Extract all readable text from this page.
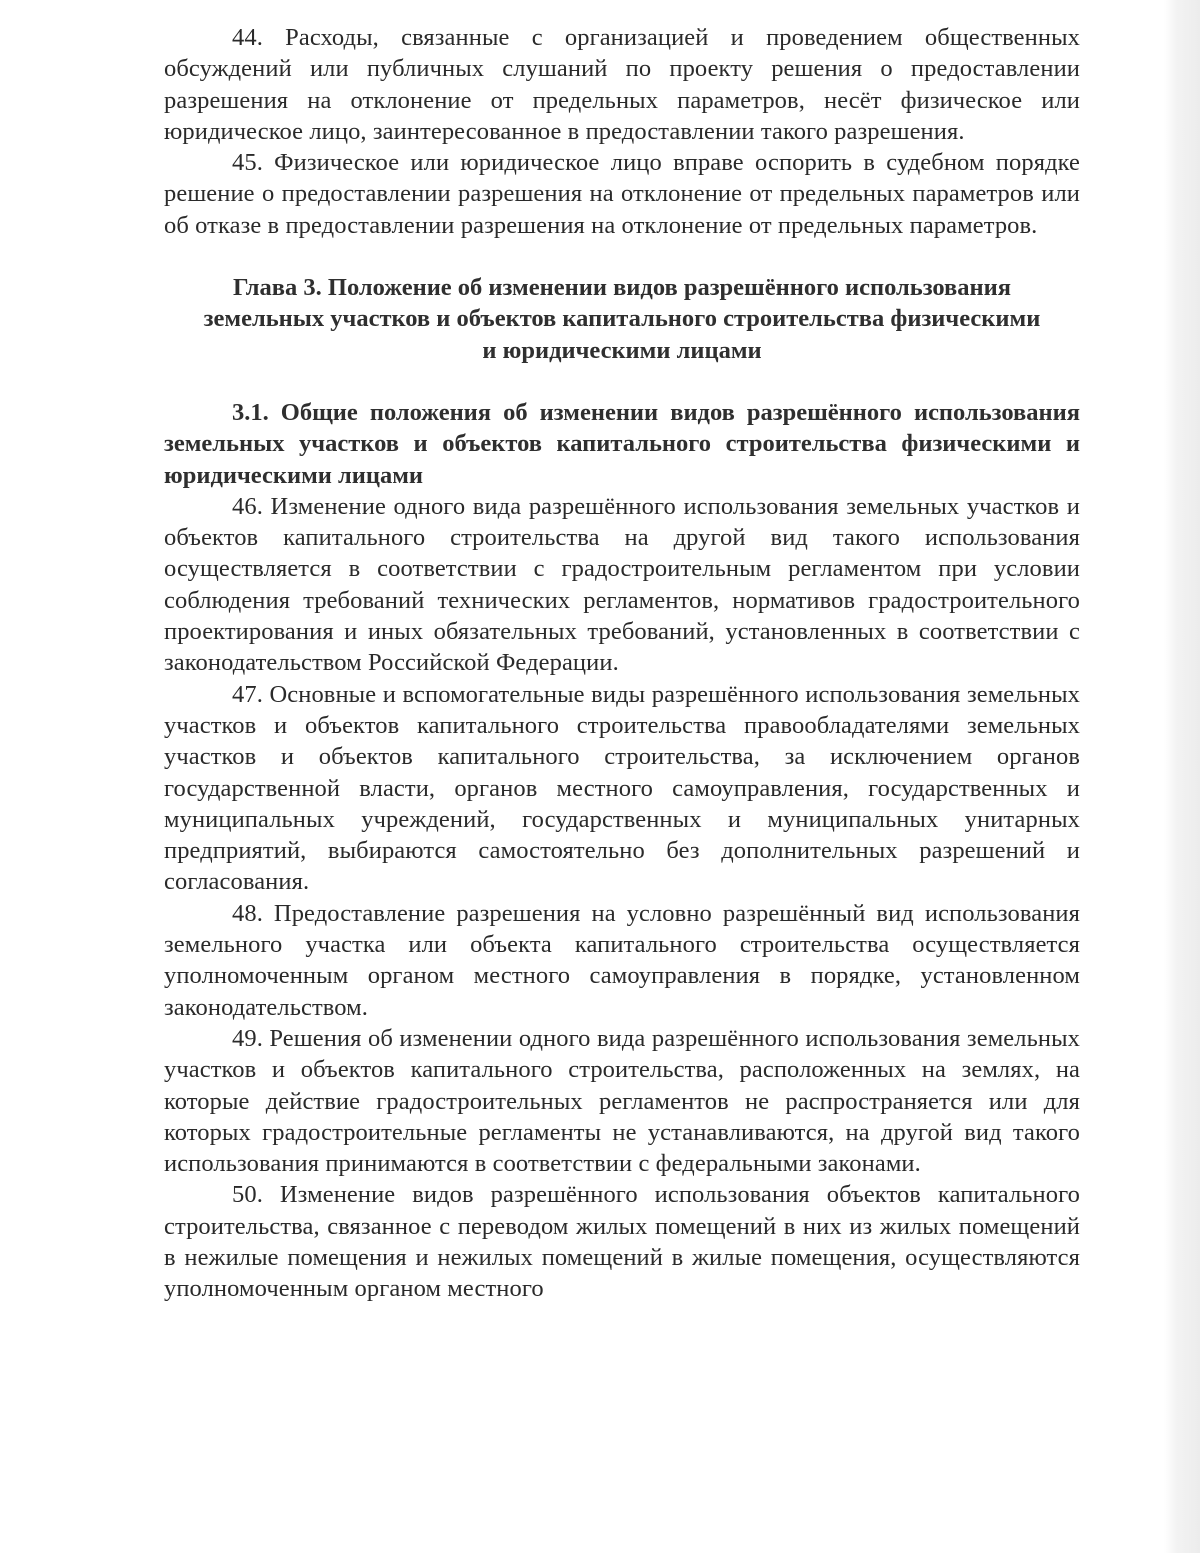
44. Расходы, связанные с организацией и проведением общественных обсуждений или публичных слушаний по проекту решения о предоставлении разрешения на отклонение от предельных параметров, несёт физическое или юридическое лицо, заинтересованное в предоставлении такого разрешения.

45. Физическое или юридическое лицо вправе оспорить в судебном порядке решение о предоставлении разрешения на отклонение от предельных параметров или об отказе в предоставлении разрешения на отклонение от предельных параметров.

Глава 3. Положение об изменении видов разрешённого использования земельных участков и объектов капитального строительства физическими и юридическими лицами
3.1. Общие положения об изменении видов разрешённого использования земельных участков и объектов капитального строительства физическими и юридическими лицами

46. Изменение одного вида разрешённого использования земельных участков и объектов капитального строительства на другой вид такого использования осуществляется в соответствии с градостроительным регламентом при условии соблюдения требований технических регламентов, нормативов градостроительного проектирования и иных обязательных требований, установленных в соответствии с законодательством Российской Федерации.

47. Основные и вспомогательные виды разрешённого использования земельных участков и объектов капитального строительства правообладателями земельных участков и объектов капитального строительства, за исключением органов государственной власти, органов местного самоуправления, государственных и муниципальных учреждений, государственных и муниципальных унитарных предприятий, выбираются самостоятельно без дополнительных разрешений и согласования.

48. Предоставление разрешения на условно разрешённый вид использования земельного участка или объекта капитального строительства осуществляется уполномоченным органом местного самоуправления в порядке, установленном законодательством.

49. Решения об изменении одного вида разрешённого использования земельных участков и объектов капитального строительства, расположенных на землях, на которые действие градостроительных регламентов не распространяется или для которых градостроительные регламенты не устанавливаются, на другой вид такого использования принимаются в соответствии с федеральными законами.

50. Изменение видов разрешённого использования объектов капитального строительства, связанное с переводом жилых помещений в них из жилых помещений в нежилые помещения и нежилых помещений в жилые помещения, осуществляются уполномоченным органом местного
